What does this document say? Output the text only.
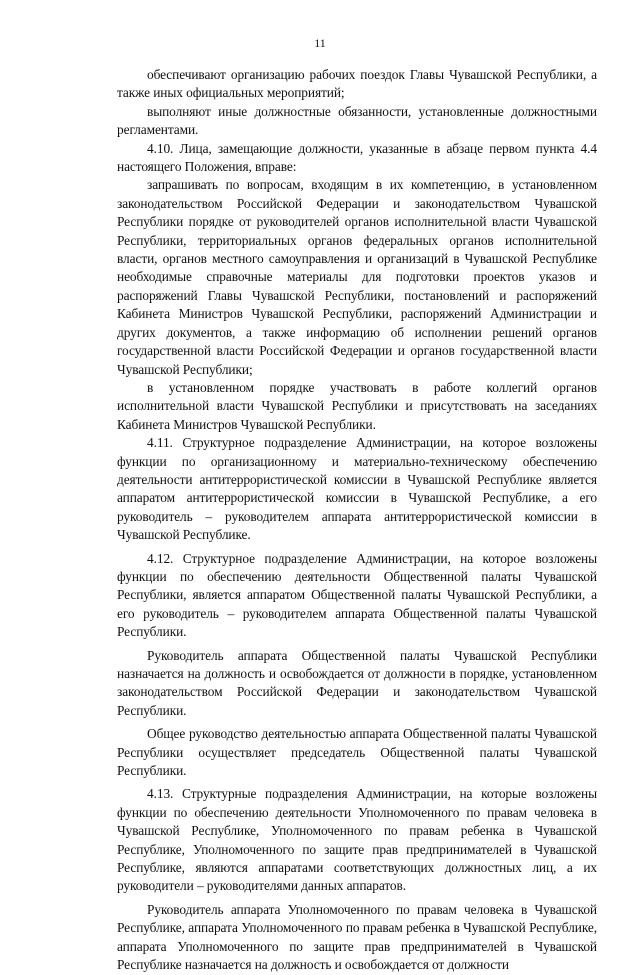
11

обеспечивают организацию рабочих поездок Главы Чувашской Республики, а также иных официальных мероприятий;

выполняют иные должностные обязанности, установленные должностными регламентами.

4.10. Лица, замещающие должности, указанные в абзаце первом пункта 4.4 настоящего Положения, вправе:

запрашивать по вопросам, входящим в их компетенцию, в установленном законодательством Российской Федерации и законодательством Чувашской Республики порядке от руководителей органов исполнительной власти Чувашской Республики, территориальных органов федеральных органов исполнительной власти, органов местного самоуправления и организаций в Чувашской Республике необходимые справочные материалы для подготовки проектов указов и распоряжений Главы Чувашской Республики, постановлений и распоряжений Кабинета Министров Чувашской Республики, распоряжений Администрации и других документов, а также информацию об исполнении решений органов государственной власти Российской Федерации и органов государственной власти Чувашской Республики;

в установленном порядке участвовать в работе коллегий органов исполнительной власти Чувашской Республики и присутствовать на заседаниях Кабинета Министров Чувашской Республики.

4.11. Структурное подразделение Администрации, на которое возложены функции по организационному и материально-техническому обеспечению деятельности антитеррористической комиссии в Чувашской Республике является аппаратом антитеррористической комиссии в Чувашской Республике, а его руководитель – руководителем аппарата антитеррористической комиссии в Чувашской Республике.

4.12. Структурное подразделение Администрации, на которое возложены функции по обеспечению деятельности Общественной палаты Чувашской Республики, является аппаратом Общественной палаты Чувашской Республики, а его руководитель – руководителем аппарата Общественной палаты Чувашской Республики.

Руководитель аппарата Общественной палаты Чувашской Республики назначается на должность и освобождается от должности в порядке, установленном законодательством Российской Федерации и законодательством Чувашской Республики.

Общее руководство деятельностью аппарата Общественной палаты Чувашской Республики осуществляет председатель Общественной палаты Чувашской Республики.

4.13. Структурные подразделения Администрации, на которые возложены функции по обеспечению деятельности Уполномоченного по правам человека в Чувашской Республике, Уполномоченного по правам ребенка в Чувашской Республике, Уполномоченного по защите прав предпринимателей в Чувашской Республике, являются аппаратами соответствующих должностных лиц, а их руководители – руководителями данных аппаратов.

Руководитель аппарата Уполномоченного по правам человека в Чувашской Республике, аппарата Уполномоченного по правам ребенка в Чувашской Республике, аппарата Уполномоченного по защите прав предпринимателей в Чувашской Республике назначается на должность и освобождается от должности
